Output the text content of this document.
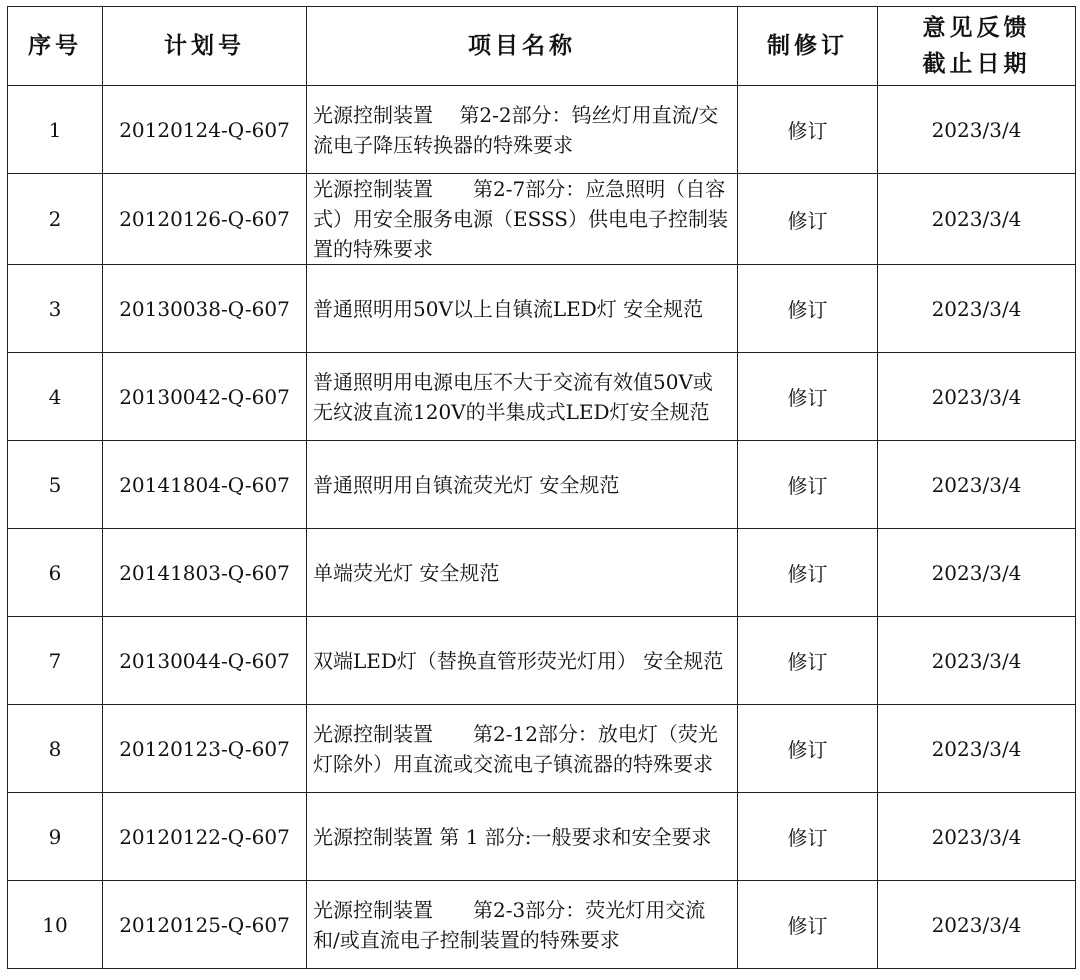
序号	计划号	项目名称	制修订	意见反馈
截止日期

1	20120124-Q-607	光源控制装置　 第2-2部分：钨丝灯用直流/交流电子降压转换器的特殊要求	修订	2023/3/4
2	20120126-Q-607	光源控制装置　　第2-7部分：应急照明（自容式）用安全服务电源（ESSS）供电电子控制装置的特殊要求	修订	2023/3/4
3	20130038-Q-607	普通照明用50V以上自镇流LED灯 安全规范	修订	2023/3/4
4	20130042-Q-607	普通照明用电源电压不大于交流有效值50V或无纹波直流120V的半集成式LED灯安全规范	修订	2023/3/4
5	20141804-Q-607	普通照明用自镇流荧光灯 安全规范	修订	2023/3/4
6	20141803-Q-607	单端荧光灯 安全规范	修订	2023/3/4
7	20130044-Q-607	双端LED灯（替换直管形荧光灯用） 安全规范	修订	2023/3/4
8	20120123-Q-607	光源控制装置　　第2-12部分：放电灯（荧光灯除外）用直流或交流电子镇流器的特殊要求	修订	2023/3/4
9	20120122-Q-607	光源控制装置 第 1 部分:一般要求和安全要求	修订	2023/3/4
10	20120125-Q-607	光源控制装置　　第2-3部分：荧光灯用交流和/或直流电子控制装置的特殊要求	修订	2023/3/4
